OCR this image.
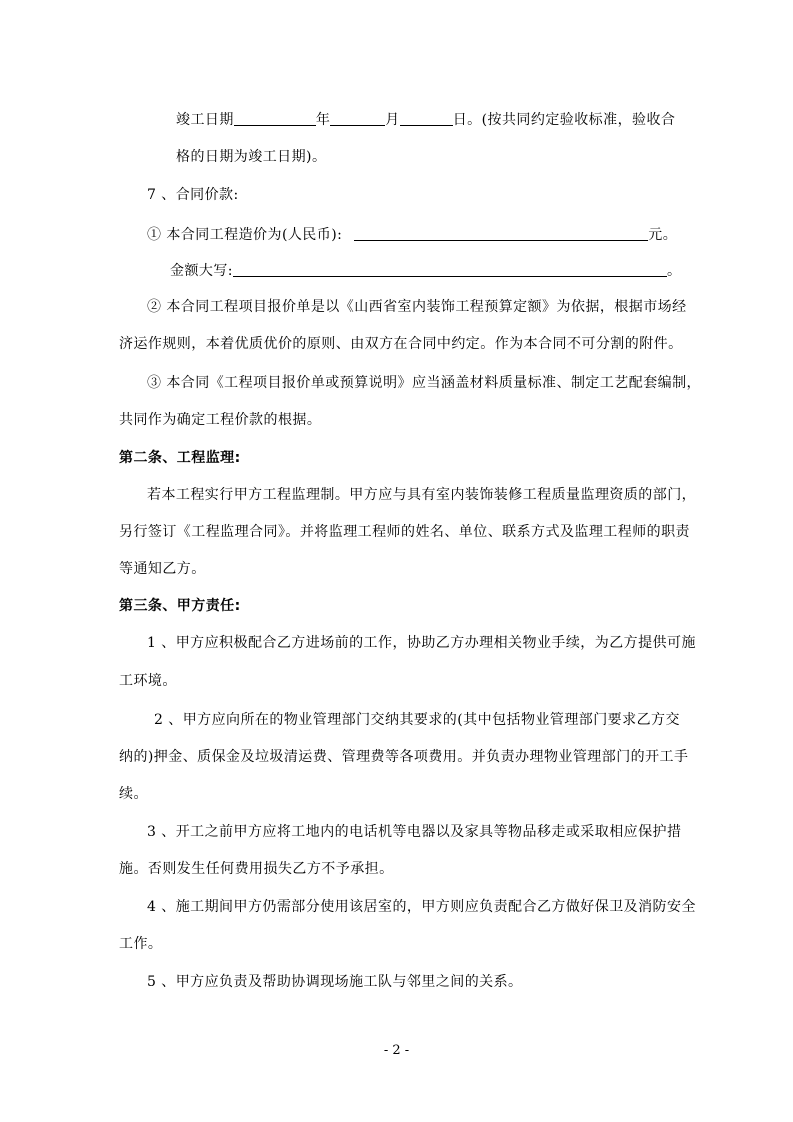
竣工日期	年	月	日。(按共同约定验收标准，验收合
格的日期为竣工日期)。
7 、合同价款:
① 本合同工程造价为(人民币):	元。
金额大写:	。
② 本合同工程项目报价单是以《山西省室内装饰工程预算定额》为依据，根据市场经
济运作规则，本着优质优价的原则、由双方在合同中约定。作为本合同不可分割的附件。
③ 本合同《工程项目报价单或预算说明》应当涵盖材料质量标准、制定工艺配套编制，
共同作为确定工程价款的根据。
第二条、工程监理:
若本工程实行甲方工程监理制。甲方应与具有室内装饰装修工程质量监理资质的部门，
另行签订《工程监理合同》。并将监理工程师的姓名、单位、联系方式及监理工程师的职责
等通知乙方。
第三条、甲方责任:
1 、甲方应积极配合乙方进场前的工作，协助乙方办理相关物业手续，为乙方提供可施
工环境。
2 、甲方应向所在的物业管理部门交纳其要求的(其中包括物业管理部门要求乙方交
纳的)押金、质保金及垃圾清运费、管理费等各项费用。并负责办理物业管理部门的开工手
续。
3 、开工之前甲方应将工地内的电话机等电器以及家具等物品移走或采取相应保护措
施。否则发生任何费用损失乙方不予承担。
4 、施工期间甲方仍需部分使用该居室的，甲方则应负责配合乙方做好保卫及消防安全
工作。
5 、甲方应负责及帮助协调现场施工队与邻里之间的关系。
- 2 -
